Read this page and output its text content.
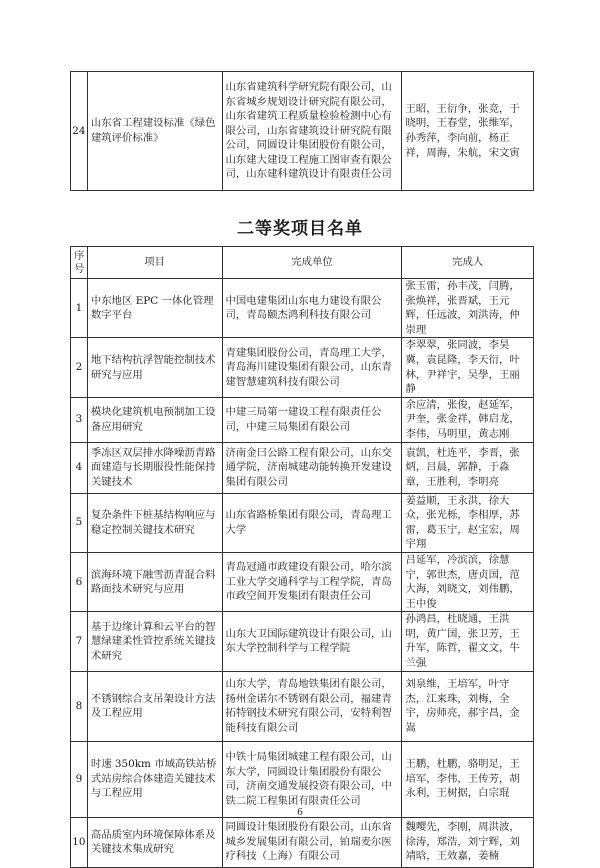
24	山东省工程建设标准《绿色建筑评价标准》	山东省建筑科学研究院有限公司，山东省城乡规划设计研究院有限公司，山东省建筑工程质量检验检测中心有限公司，山东省建筑设计研究院有限公司，同圆设计集团股份有限公司，山东建大建设工程施工图审查有限公司，山东建科建筑设计有限责任公司	王昭，王衍争，张竞，于晓明，王春堂，张维军，孙秀萍，李向前，杨正祥，周海，朱航，宋文寅
二等奖项目名单
序号	项目	完成单位	完成人
1	中东地区 EPC 一体化管理数字平台	中国电建集团山东电力建设有限公司，青岛颐杰鸿利科技有限公司	张玉雷，孙丰茂，闫腾，张焕祥，张晋斌，王元辉，任远波，刘洪涛，仲崇理
2	地下结构抗浮智能控制技术研究与应用	青建集团股份公司，青岛理工大学，青岛海川建设集团有限公司，山东青建智慧建筑科技有限公司	李翠翠，张同波，李昊冀，袁昆隆，李天衍，叶林，尹祥宇，吴學，王丽静
3	模块化建筑机电预制加工设备应用研究	中建三局第一建设工程有限责任公司，中建三局集团有限公司	余应清，张俊，赵延军，尹奎，张金祥，韩启龙，李伟，马明里，黄志刚
4	季冻区双层排水降噪沥青路面建造与长期服役性能保持关键技术	济南金曰公路工程有限公司，山东交通学院，济南城建动能转换开发建设集团有限公司	袁凯，杜连平，李晋，张炳，吕晨，郭静，于淼章，王胜利，李明亮
5	复杂条件下桩基结构响应与稳定控制关键技术研究	山东省路桥集团有限公司，青岛理工大学	姜益顺，王永洪，徐大众，张光栎，李相厚，苏雷，葛玉宁，赵宝宏，周宇翔
6	滨海环境下融雪沥青混合料路面技术研究与应用	青岛冠通市政建设有限公司，哈尔滨工业大学交通科学与工程学院，青岛市政空间开发集团有限责任公司	吕延军，冷滨滨，徐慧宁，郭世杰，唐贞国，范大海，刘晓文，刘伟鹏，王中俊
7	基于边缘计算和云平台的智慧绿建柔性管控系统关键技术研究	山东大卫国际建筑设计有限公司，山东大学控制科学与工程学院	孙鸿昌，杜晓通，王洪明，黄广国，张卫芳，王升军，陈哲，翟文文，牛兰强
8	不锈钢综合支吊架设计方法及工程应用	山东大学，青岛地铁集团有限公司，扬州金诺尔不锈钢有限公司，福建青拓特钢技术研究有限公司，安特利智能科技有限公司	刘泉维，王培军，叶守杰，江来珠，刘梅，全宇，房师亮，郝宇昌，金嵩
9	时速 350km 市域高铁站桥式站房综合体建造关键技术与工程应用	中铁十局集团城建工程有限公司，山东大学，同圆设计集团股份有限公司，济南交通发展投资有限公司，中铁二院工程集团有限责任公司	王鹏，杜鹏，骆明足，王培军，李伟，王传芳，胡永利，王树据，白宗琨
10	高品质室内环境保障体系及关键技术集成研究	同圆设计集团股份有限公司，山东省城乡发展集团有限公司，铂瑞麦尔医疗科技（上海）有限公司	魏嘤先，李刚，周洪波，徐涛，郑浩，刘宁辉，刘靖晗，王效嘉，姜楠
6
